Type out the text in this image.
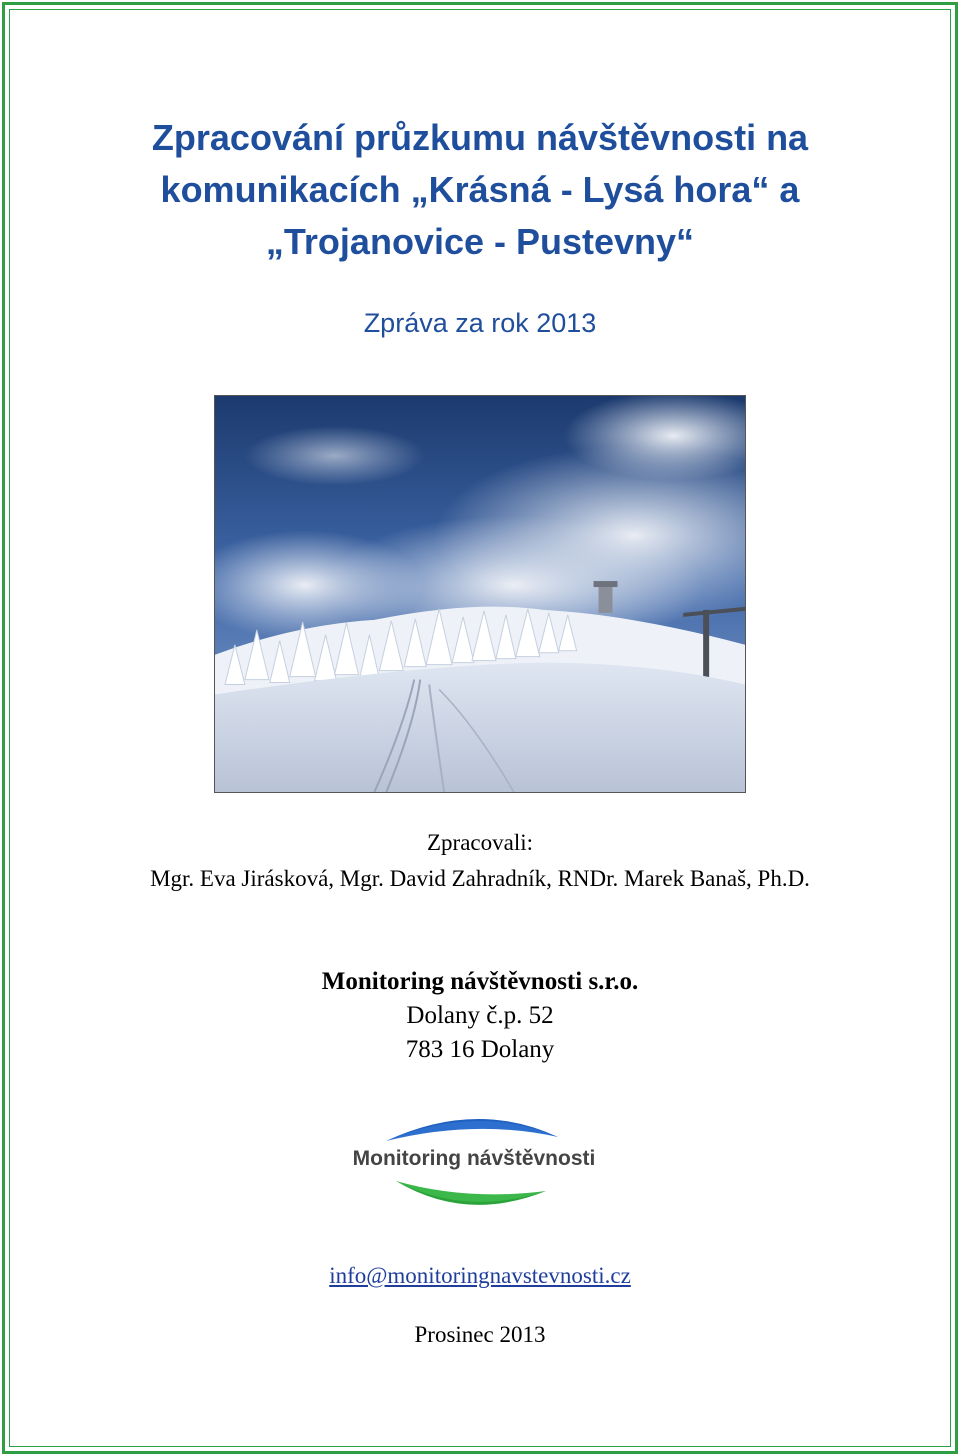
Zpracování průzkumu návštěvnosti na
komunikacích „Krásná - Lysá hora“ a
„Trojanovice - Pustevny“
Zpráva za rok 2013
Zpracovali:
Mgr. Eva Jirásková, Mgr. David Zahradník, RNDr. Marek Banaš, Ph.D.
Monitoring návštěvnosti s.r.o.
Dolany č.p. 52
783 16 Dolany
Monitoring návštěvnosti
info@monitoringnavstevnosti.cz
Prosinec 2013
